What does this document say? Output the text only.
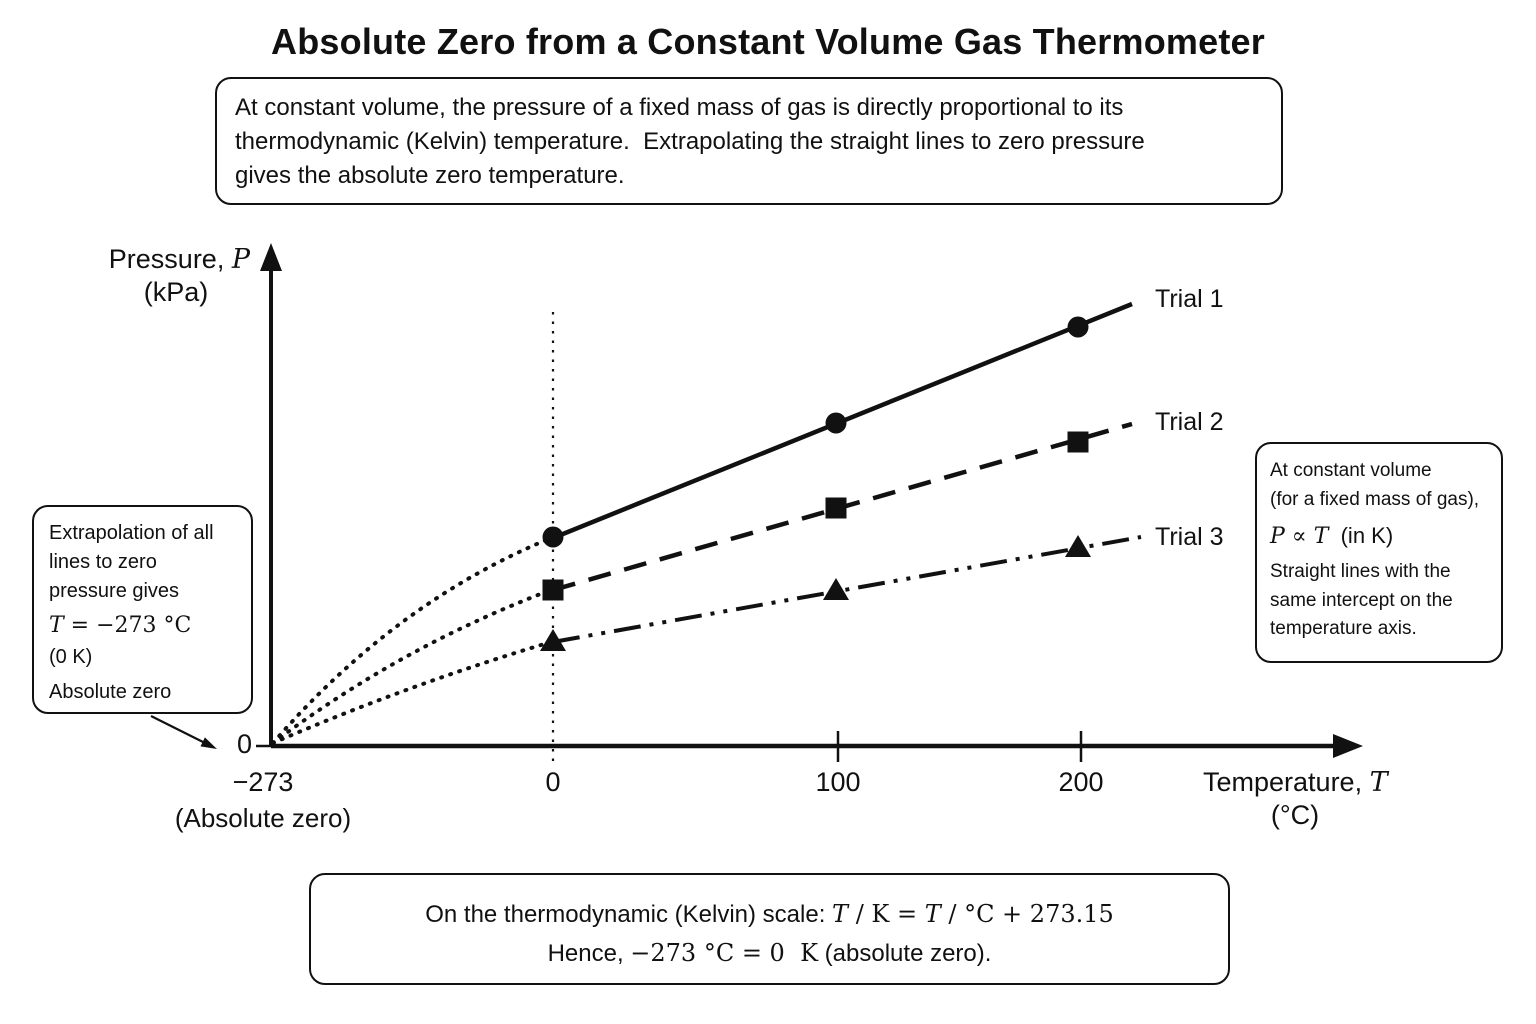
Absolute Zero from a Constant Volume Gas Thermometer
At constant volume, the pressure of a fixed mass of gas is directly proportional to its
thermodynamic (Kelvin) temperature.  Extrapolating the straight lines to zero pressure
gives the absolute zero temperature.
Pressure, P
(kPa)
Temperature, T
(°C)
0
0	100	200
−273
(Absolute zero)
Trial 1
Trial 2
Trial 3
Extrapolation of all
lines to zero
pressure gives
T = −273 °C
(0 K)
Absolute zero
At constant volume
(for a fixed mass of gas),
P ∝ T  (in K)
Straight lines with the
same intercept on the
temperature axis.
On the thermodynamic (Kelvin) scale: T / K = T / °C + 273.15
Hence, −273 °C = 0  K (absolute zero).
